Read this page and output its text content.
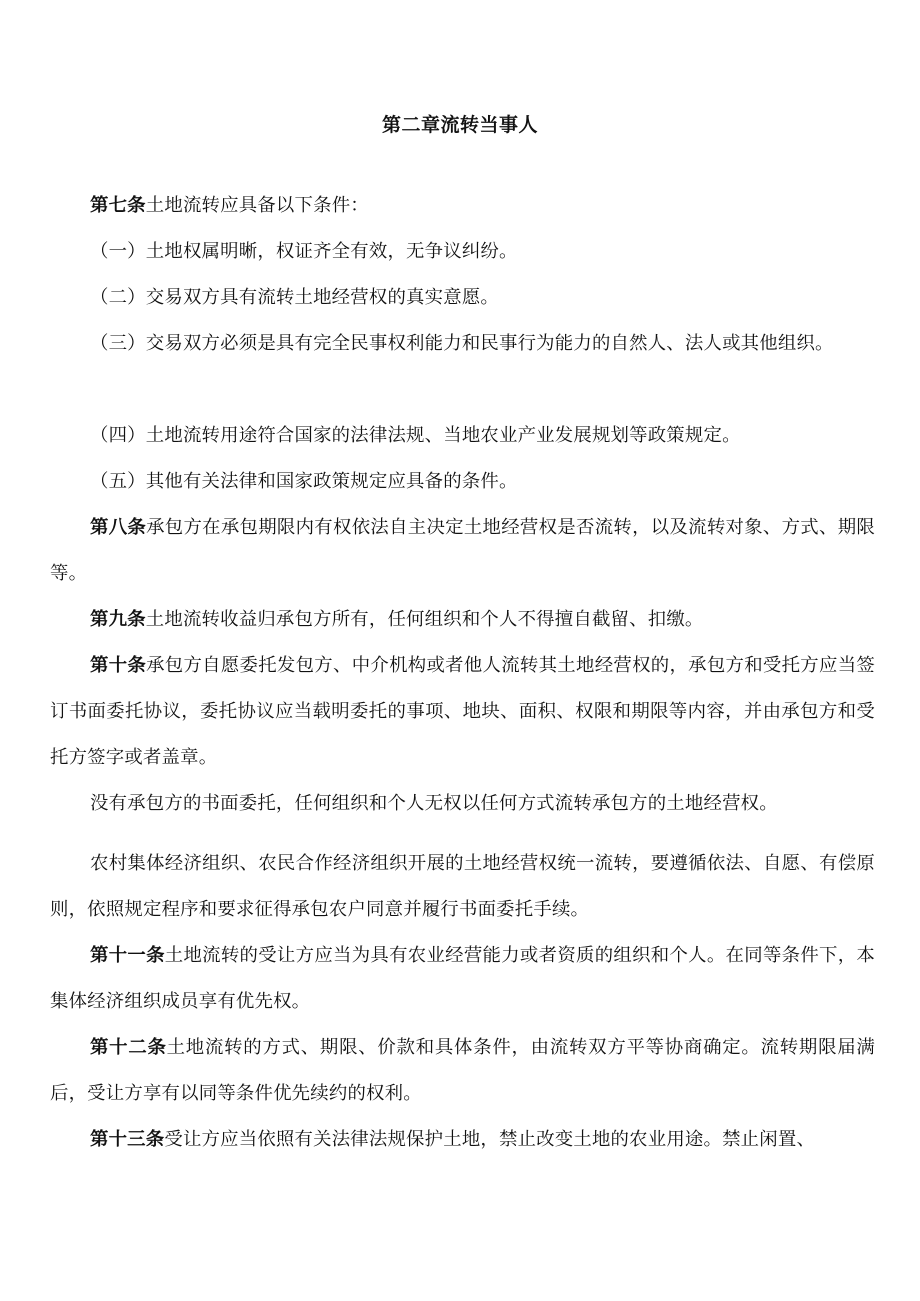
第二章流转当事人

第七条土地流转应具备以下条件：

（一）土地权属明晰，权证齐全有效，无争议纠纷。

（二）交易双方具有流转土地经营权的真实意愿。

（三）交易双方必须是具有完全民事权利能力和民事行为能力的自然人、法人或其他组织。

（四）土地流转用途符合国家的法律法规、当地农业产业发展规划等政策规定。

（五）其他有关法律和国家政策规定应具备的条件。

第八条承包方在承包期限内有权依法自主决定土地经营权是否流转，以及流转对象、方式、期限等。

第九条土地流转收益归承包方所有，任何组织和个人不得擅自截留、扣缴。

第十条承包方自愿委托发包方、中介机构或者他人流转其土地经营权的，承包方和受托方应当签订书面委托协议，委托协议应当载明委托的事项、地块、面积、权限和期限等内容，并由承包方和受托方签字或者盖章。

没有承包方的书面委托，任何组织和个人无权以任何方式流转承包方的土地经营权。

农村集体经济组织、农民合作经济组织开展的土地经营权统一流转，要遵循依法、自愿、有偿原则，依照规定程序和要求征得承包农户同意并履行书面委托手续。

第十一条土地流转的受让方应当为具有农业经营能力或者资质的组织和个人。在同等条件下，本集体经济组织成员享有优先权。

第十二条土地流转的方式、期限、价款和具体条件，由流转双方平等协商确定。流转期限届满后，受让方享有以同等条件优先续约的权利。

第十三条受让方应当依照有关法律法规保护土地，禁止改变土地的农业用途。禁止闲置、
